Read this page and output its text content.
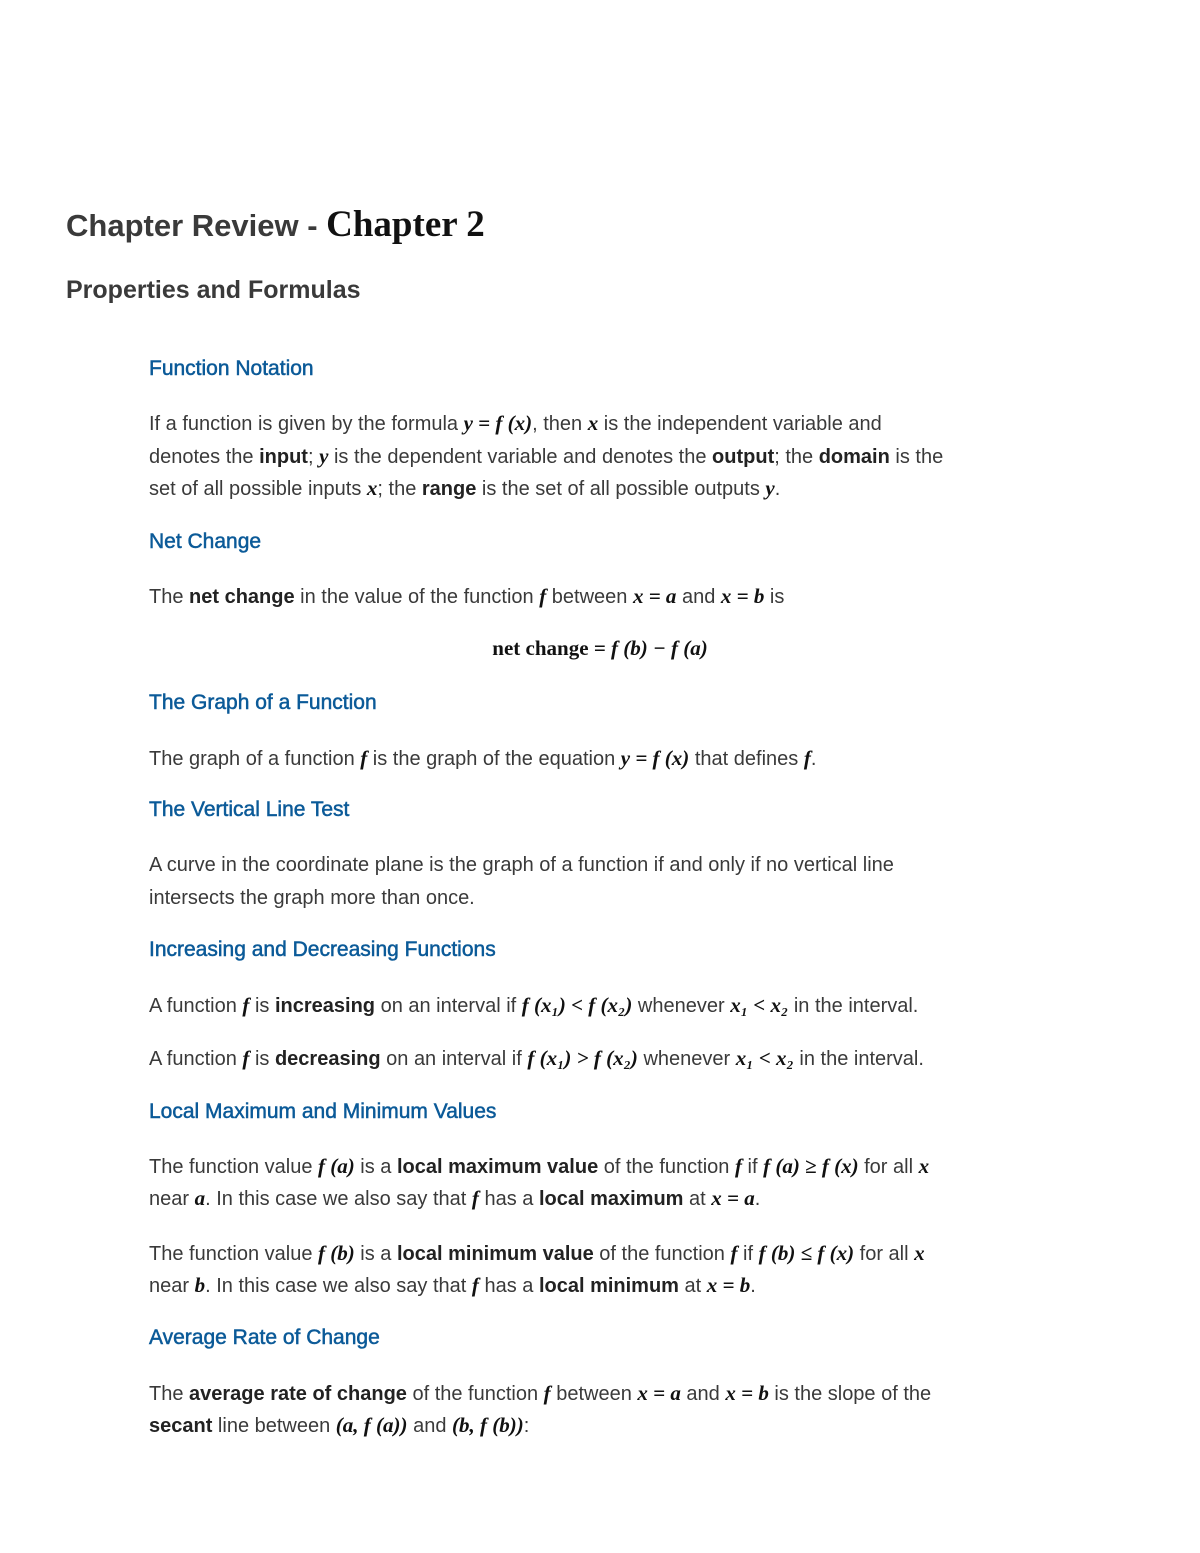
Chapter Review - Chapter 2
Properties and Formulas
Function Notation
If a function is given by the formula y = f (x), then x is the independent variable and
denotes the input; y is the dependent variable and denotes the output; the domain is the
set of all possible inputs x; the range is the set of all possible outputs y.
Net Change
The net change in the value of the function f between x = a and x = b is
net change = f (b) − f (a)
The Graph of a Function
The graph of a function f is the graph of the equation y = f (x) that defines f.
The Vertical Line Test
A curve in the coordinate plane is the graph of a function if and only if no vertical line
intersects the graph more than once.
Increasing and Decreasing Functions
A function f is increasing on an interval if f (x₁) < f (x₂) whenever x₁ < x₂ in the interval.
A function f is decreasing on an interval if f (x₁) > f (x₂) whenever x₁ < x₂ in the interval.
Local Maximum and Minimum Values
The function value f (a) is a local maximum value of the function f if f (a) ≥ f (x) for all x
near a. In this case we also say that f has a local maximum at x = a.
The function value f (b) is a local minimum value of the function f if f (b) ≤ f (x) for all x
near b. In this case we also say that f has a local minimum at x = b.
Average Rate of Change
The average rate of change of the function f between x = a and x = b is the slope of the
secant line between (a, f (a)) and (b, f (b)):
